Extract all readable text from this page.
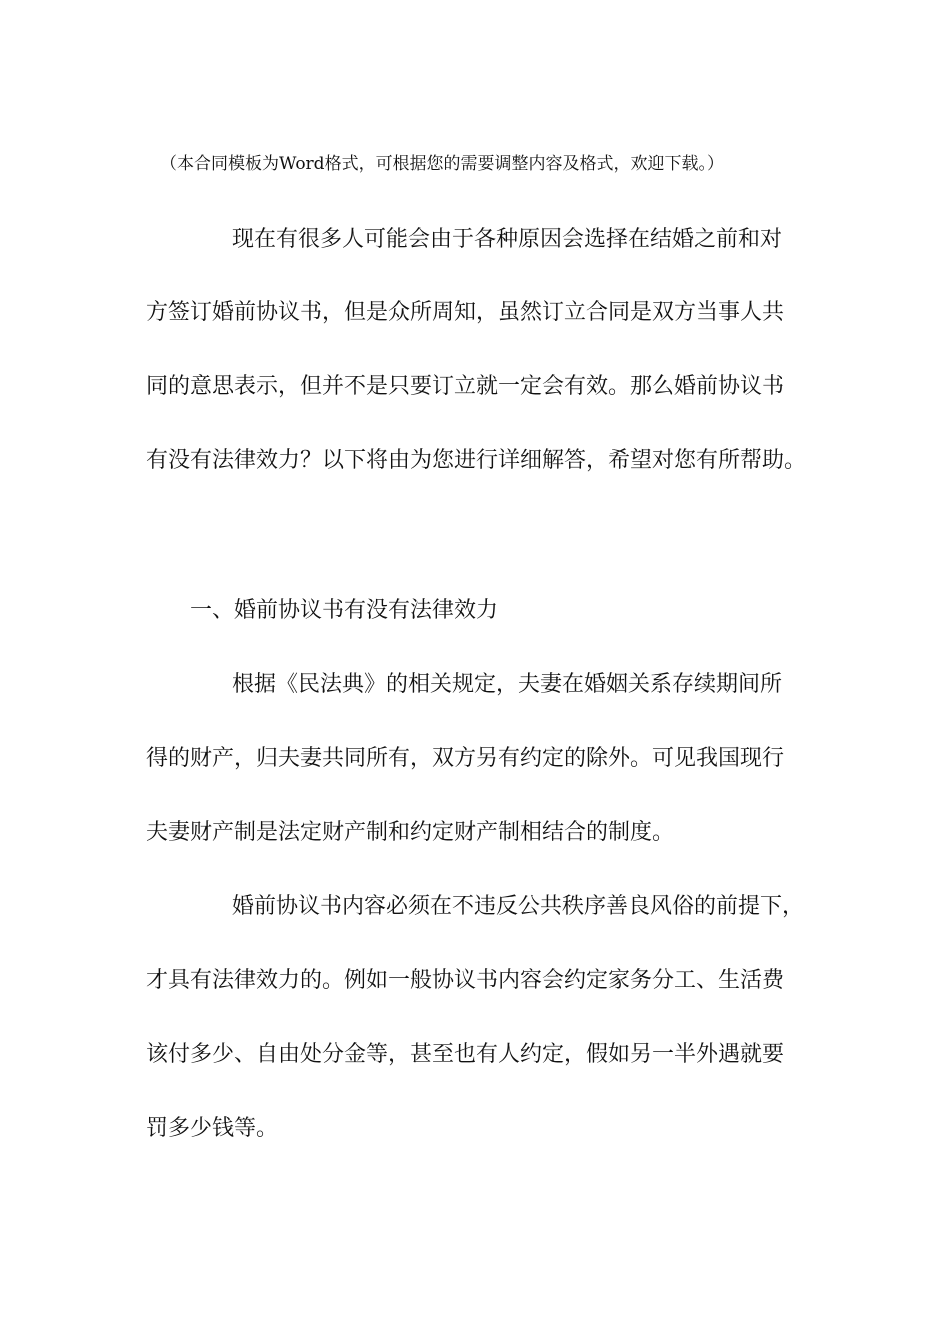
（本合同模板为Word格式，可根据您的需要调整内容及格式，欢迎下载。）
现在有很多人可能会由于各种原因会选择在结婚之前和对
方签订婚前协议书，但是众所周知，虽然订立合同是双方当事人共
同的意思表示，但并不是只要订立就一定会有效。那么婚前协议书
有没有法律效力？以下将由为您进行详细解答，希望对您有所帮助。
一、婚前协议书有没有法律效力
根据《民法典》的相关规定，夫妻在婚姻关系存续期间所
得的财产，归夫妻共同所有，双方另有约定的除外。可见我国现行
夫妻财产制是法定财产制和约定财产制相结合的制度。
婚前协议书内容必须在不违反公共秩序善良风俗的前提下，
才具有法律效力的。例如一般协议书内容会约定家务分工、生活费
该付多少、自由处分金等，甚至也有人约定，假如另一半外遇就要
罚多少钱等。
